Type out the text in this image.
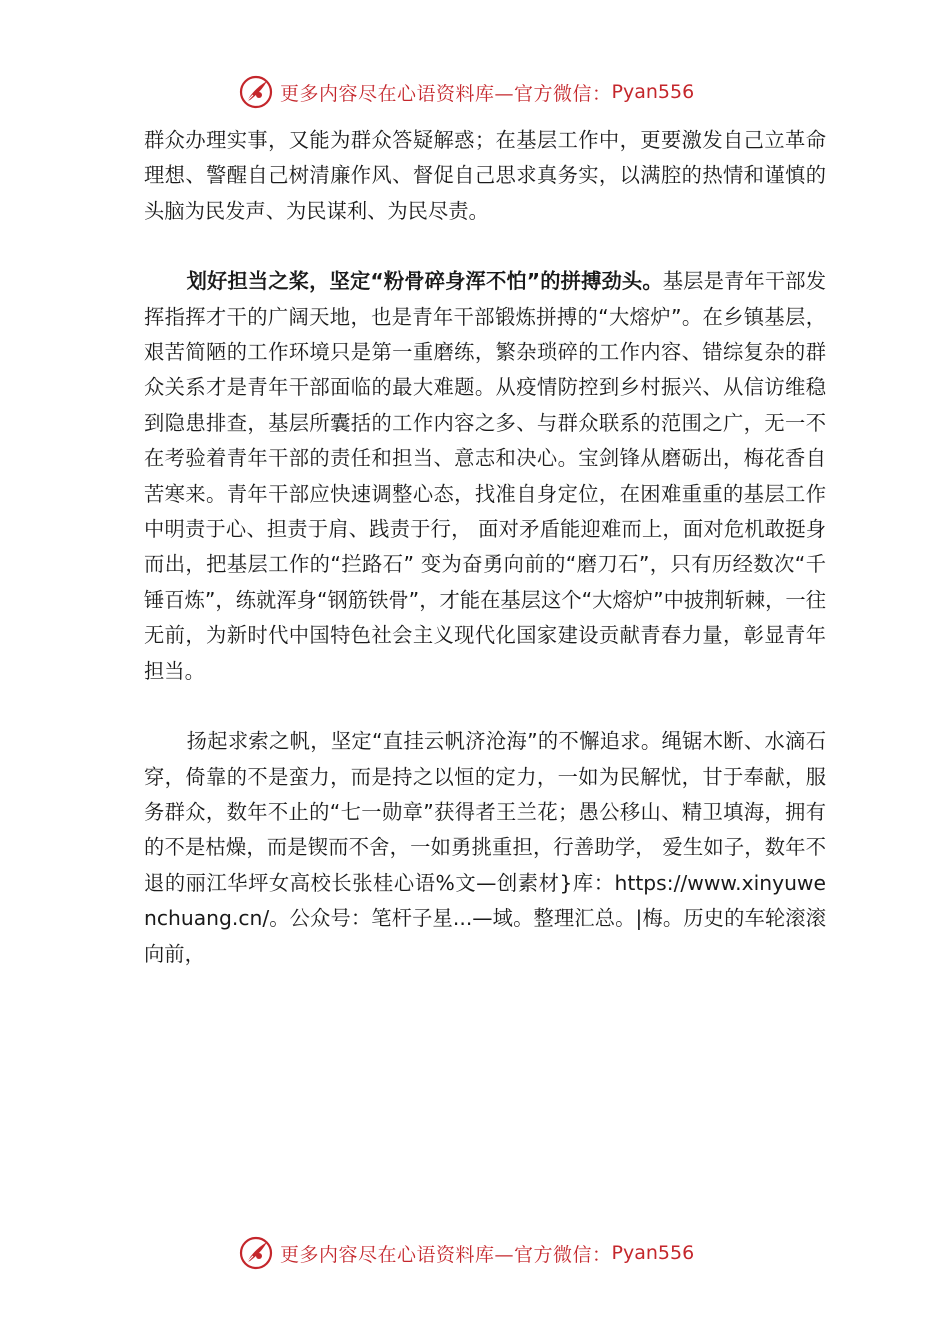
更多内容尽在心语资料库—官方微信： Pyan556

群众办理实事，又能为群众答疑解惑；在基层工作中，更要激发自己立革命理想、警醒自己树清廉作风、督促自己思求真务实，以满腔的热情和谨慎的头脑为民发声、为民谋利、为民尽责。

划好担当之桨，坚定“粉骨碎身浑不怕”的拼搏劲头。基层是青年干部发挥指挥才干的广阔天地，也是青年干部锻炼拼搏的“大熔炉”。在乡镇基层，艰苦简陋的工作环境只是第一重磨练，繁杂琐碎的工作内容、错综复杂的群众关系才是青年干部面临的最大难题。从疫情防控到乡村振兴、从信访维稳到隐患排查，基层所囊括的工作内容之多、与群众联系的范围之广，无一不在考验着青年干部的责任和担当、意志和决心。宝剑锋从磨砺出，梅花香自苦寒来。青年干部应快速调整心态，找准自身定位，在困难重重的基层工作中明责于心、担责于肩、践责于行， 面对矛盾能迎难而上，面对危机敢挺身而出，把基层工作的“拦路石” 变为奋勇向前的“磨刀石”，只有历经数次“千锤百炼”，练就浑身“钢筋铁骨”，才能在基层这个“大熔炉”中披荆斩棘，一往无前，为新时代中国特色社会主义现代化国家建设贡献青春力量，彰显青年担当。

扬起求索之帆，坚定“直挂云帆济沧海”的不懈追求。绳锯木断、水滴石穿，倚靠的不是蛮力，而是持之以恒的定力，一如为民解忧，甘于奉献，服务群众，数年不止的“七一勋章”获得者王兰花；愚公移山、精卫填海，拥有的不是枯燥，而是锲而不舍，一如勇挑重担，行善助学， 爱生如子，数年不退的丽江华坪女高校长张桂心语%文—创素材}库：https://www.xinyuwenchuang.cn/。公众号：笔杆子星...—域。整理汇总。|梅。历史的车轮滚滚向前，

更多内容尽在心语资料库—官方微信： Pyan556
